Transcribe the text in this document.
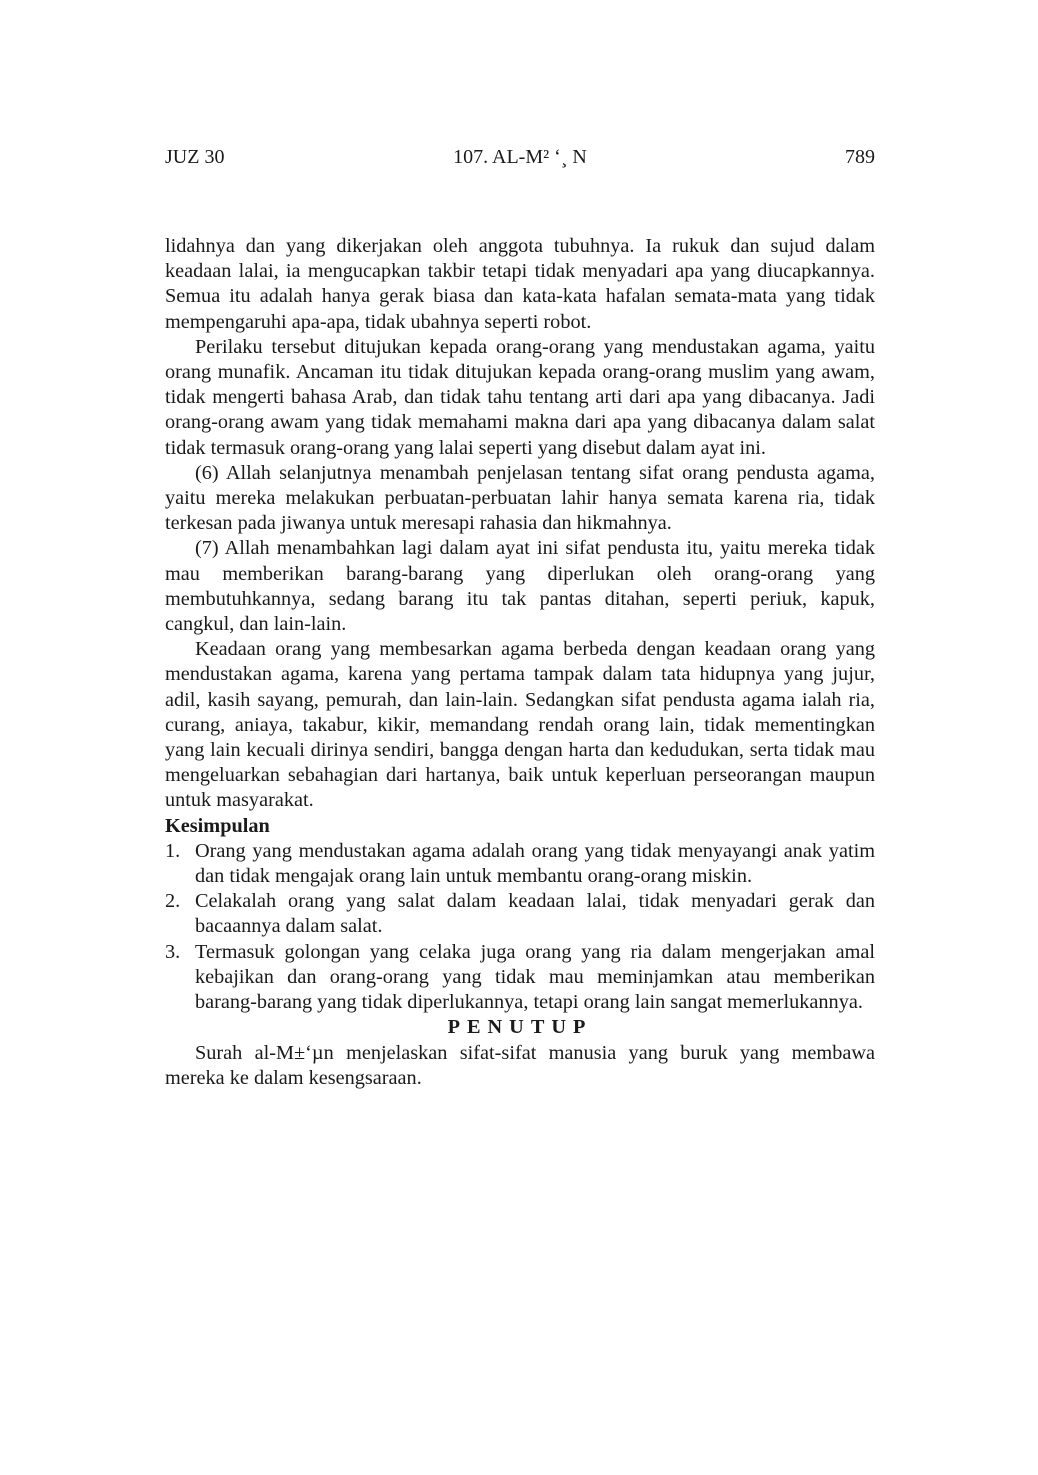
JUZ 30	107. AL-M² ‘¸ N	789

lidahnya dan yang dikerjakan oleh anggota tubuhnya. Ia rukuk dan sujud dalam keadaan lalai, ia mengucapkan takbir tetapi tidak menyadari apa yang diucapkannya. Semua itu adalah hanya gerak biasa dan kata-kata hafalan semata-mata yang tidak mempengaruhi apa-apa, tidak ubahnya seperti robot.

Perilaku tersebut ditujukan kepada orang-orang yang mendustakan agama, yaitu orang munafik. Ancaman itu tidak ditujukan kepada orang-orang muslim yang awam, tidak mengerti bahasa Arab, dan tidak tahu tentang arti dari apa yang dibacanya. Jadi orang-orang awam yang tidak memahami makna dari apa yang dibacanya dalam salat tidak termasuk orang-orang yang lalai seperti yang disebut dalam ayat ini.

(6) Allah selanjutnya menambah penjelasan tentang sifat orang pendusta agama, yaitu mereka melakukan perbuatan-perbuatan lahir hanya semata karena ria, tidak terkesan pada jiwanya untuk meresapi rahasia dan hikmahnya.

(7) Allah menambahkan lagi dalam ayat ini sifat pendusta itu, yaitu mereka tidak mau memberikan barang-barang yang diperlukan oleh orang-orang yang membutuhkannya, sedang barang itu tak pantas ditahan, seperti periuk, kapuk, cangkul, dan lain-lain.

Keadaan orang yang membesarkan agama berbeda dengan keadaan orang yang mendustakan agama, karena yang pertama tampak dalam tata hidupnya yang jujur, adil, kasih sayang, pemurah, dan lain-lain. Sedangkan sifat pendusta agama ialah ria, curang, aniaya, takabur, kikir, memandang rendah orang lain, tidak mementingkan yang lain kecuali dirinya sendiri, bangga dengan harta dan kedudukan, serta tidak mau mengeluarkan sebahagian dari hartanya, baik untuk keperluan perseorangan maupun untuk masyarakat.

Kesimpulan

1. Orang yang mendustakan agama adalah orang yang tidak menyayangi anak yatim dan tidak mengajak orang lain untuk membantu orang-orang miskin.
2. Celakalah orang yang salat dalam keadaan lalai, tidak menyadari gerak dan bacaannya dalam salat.
3. Termasuk golongan yang celaka juga orang yang ria dalam mengerjakan amal kebajikan dan orang-orang yang tidak mau meminjamkan atau memberikan barang-barang yang tidak diperlukannya, tetapi orang lain sangat memerlukannya.

PENUTUP

Surah al-M±‘µn menjelaskan sifat-sifat manusia yang buruk yang membawa mereka ke dalam kesengsaraan.
